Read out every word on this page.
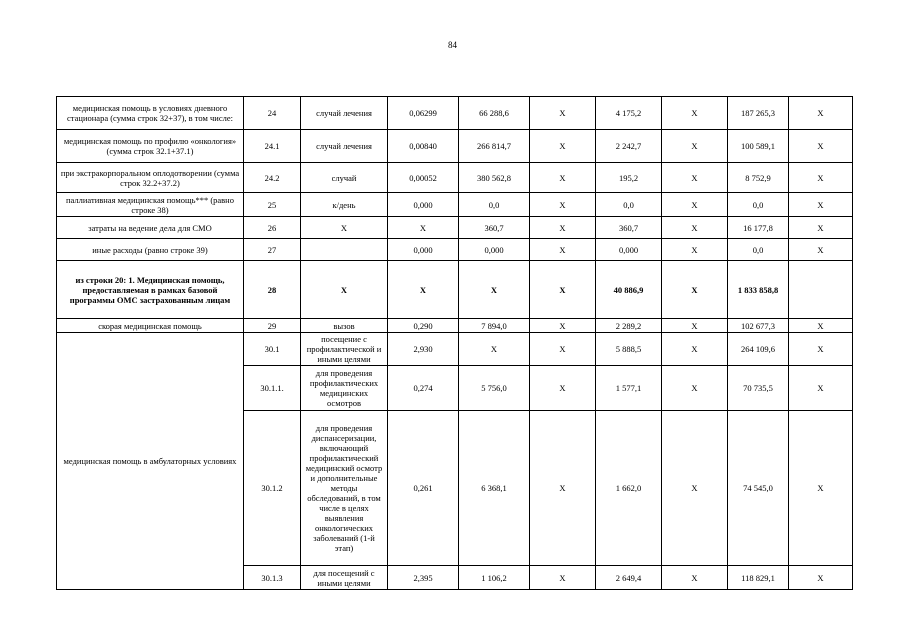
84
медицинская помощь в условиях дневного стационара (сумма строк 32+37), в том числе:	24	случай лечения	0,06299	66 288,6	X	4 175,2	X	187 265,3	X
медицинская помощь по профилю «онкология» (сумма строк 32.1+37.1)	24.1	случай лечения	0,00840	266 814,7	X	2 242,7	X	100 589,1	X
при экстракорпоральном оплодотворении (сумма строк 32.2+37.2)	24.2	случай	0,00052	380 562,8	X	195,2	X	8 752,9	X
паллиативная медицинская помощь*** (равно строке 38)	25	к/день	0,000	0,0	X	0,0	X	0,0	X
затраты на ведение дела для СМО	26	X	X	360,7	X	360,7	X	16 177,8	X
иные расходы (равно строке 39)	27		0,000	0,000	X	0,000	X	0,0	X
из строки 20: 1. Медицинская помощь, предоставляемая в рамках базовой программы ОМС застрахованным лицам	28	X	X	X	X	40 886,9	X	1 833 858,8	
скорая медицинская помощь	29	вызов	0,290	7 894,0	X	2 289,2	X	102 677,3	X
медицинская помощь в амбулаторных условиях	30.1	посещение с профилактической и иными целями	2,930	X	X	5 888,5	X	264 109,6	X
	30.1.1.	для проведения профилактических медицинских осмотров	0,274	5 756,0	X	1 577,1	X	70 735,5	X
	30.1.2	для проведения диспансеризации, включающий профилактический медицинский осмотр и дополнительные методы обследований, в том числе в целях выявления онкологических заболеваний (1-й этап)	0,261	6 368,1	X	1 662,0	X	74 545,0	X
	30.1.3	для посещений с иными целями	2,395	1 106,2	X	2 649,4	X	118 829,1	X
